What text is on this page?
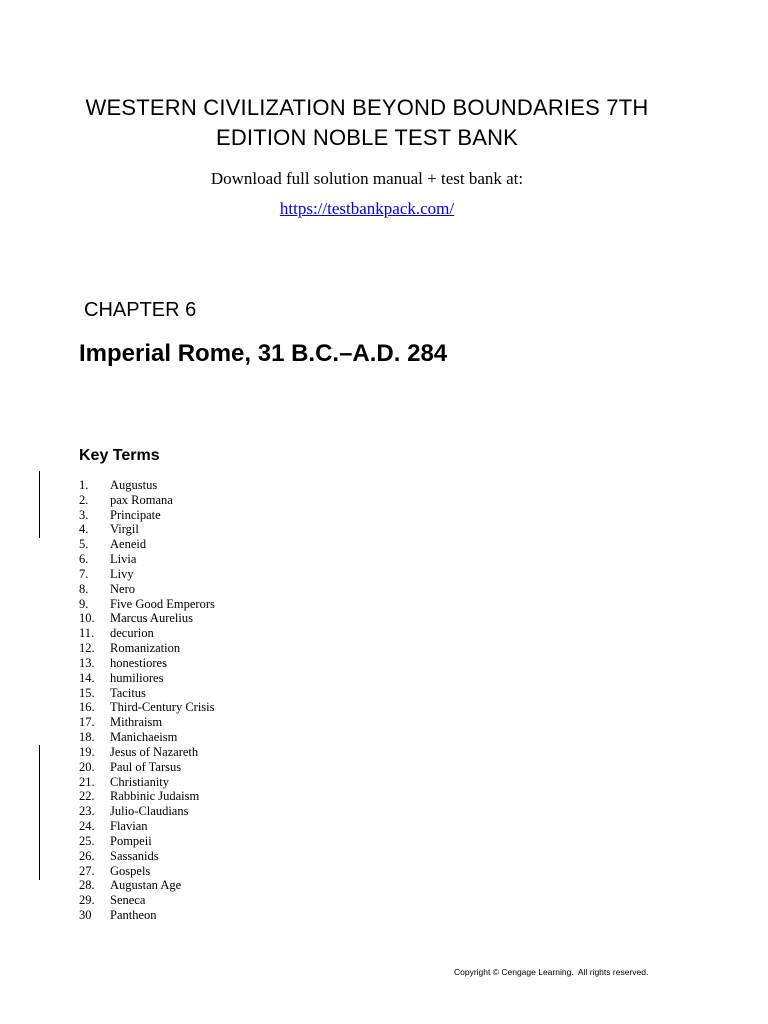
WESTERN CIVILIZATION BEYOND BOUNDARIES 7TH
EDITION NOBLE TEST BANK
Download full solution manual + test bank at:
https://testbankpack.com/
CHAPTER 6
Imperial Rome, 31 B.C.–A.D. 284
Key Terms
1. Augustus
2. pax Romana
3. Principate
4. Virgil
5. Aeneid
6. Livia
7. Livy
8. Nero
9. Five Good Emperors
10. Marcus Aurelius
11. decurion
12. Romanization
13. honestiores
14. humiliores
15. Tacitus
16. Third-Century Crisis
17. Mithraism
18. Manichaeism
19. Jesus of Nazareth
20. Paul of Tarsus
21. Christianity
22. Rabbinic Judaism
23. Julio-Claudians
24. Flavian
25. Pompeii
26. Sassanids
27. Gospels
28. Augustan Age
29. Seneca
30 Pantheon
Copyright © Cengage Learning.  All rights reserved.
